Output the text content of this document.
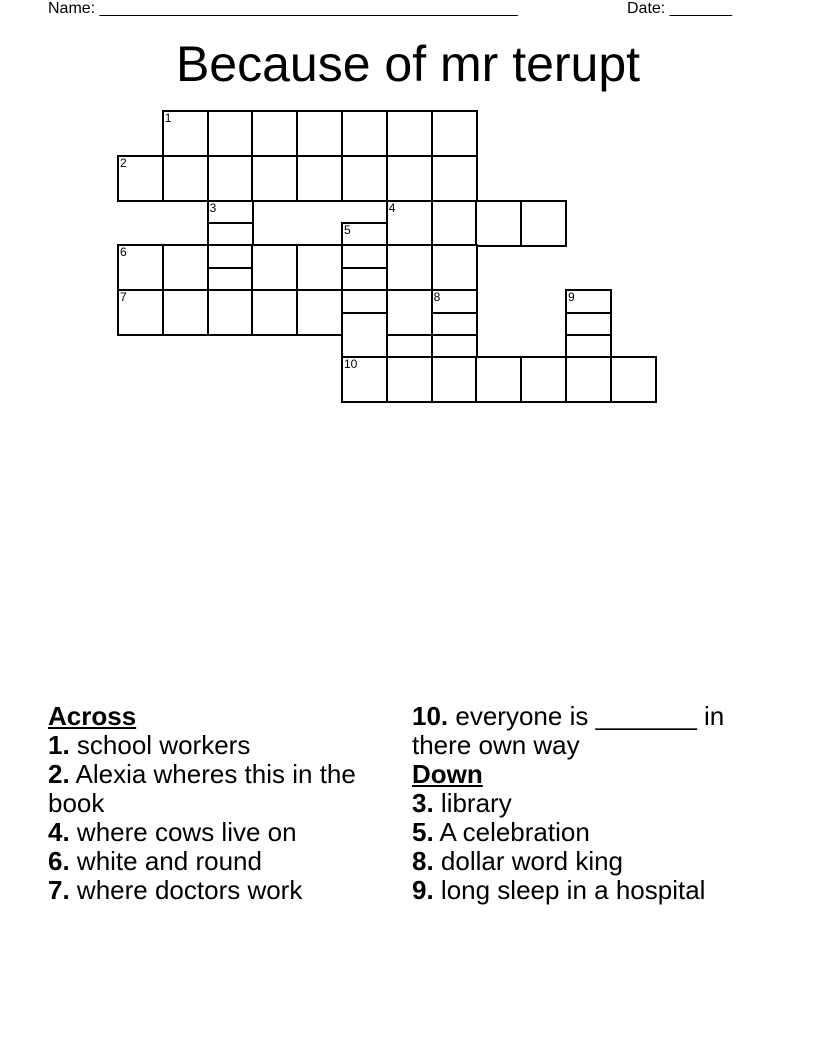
Name: _______________________________________________	Date: _______
Because of mr terupt
1
2
3	4
5
6
7	8	9
10

Across

1. school workers

2. Alexia wheres this in the book

4. where cows live on

6. white and round

7. where doctors work

10. everyone is _______ in there own way

Down

3. library

5. A celebration

8. dollar word king

9. long sleep in a hospital
